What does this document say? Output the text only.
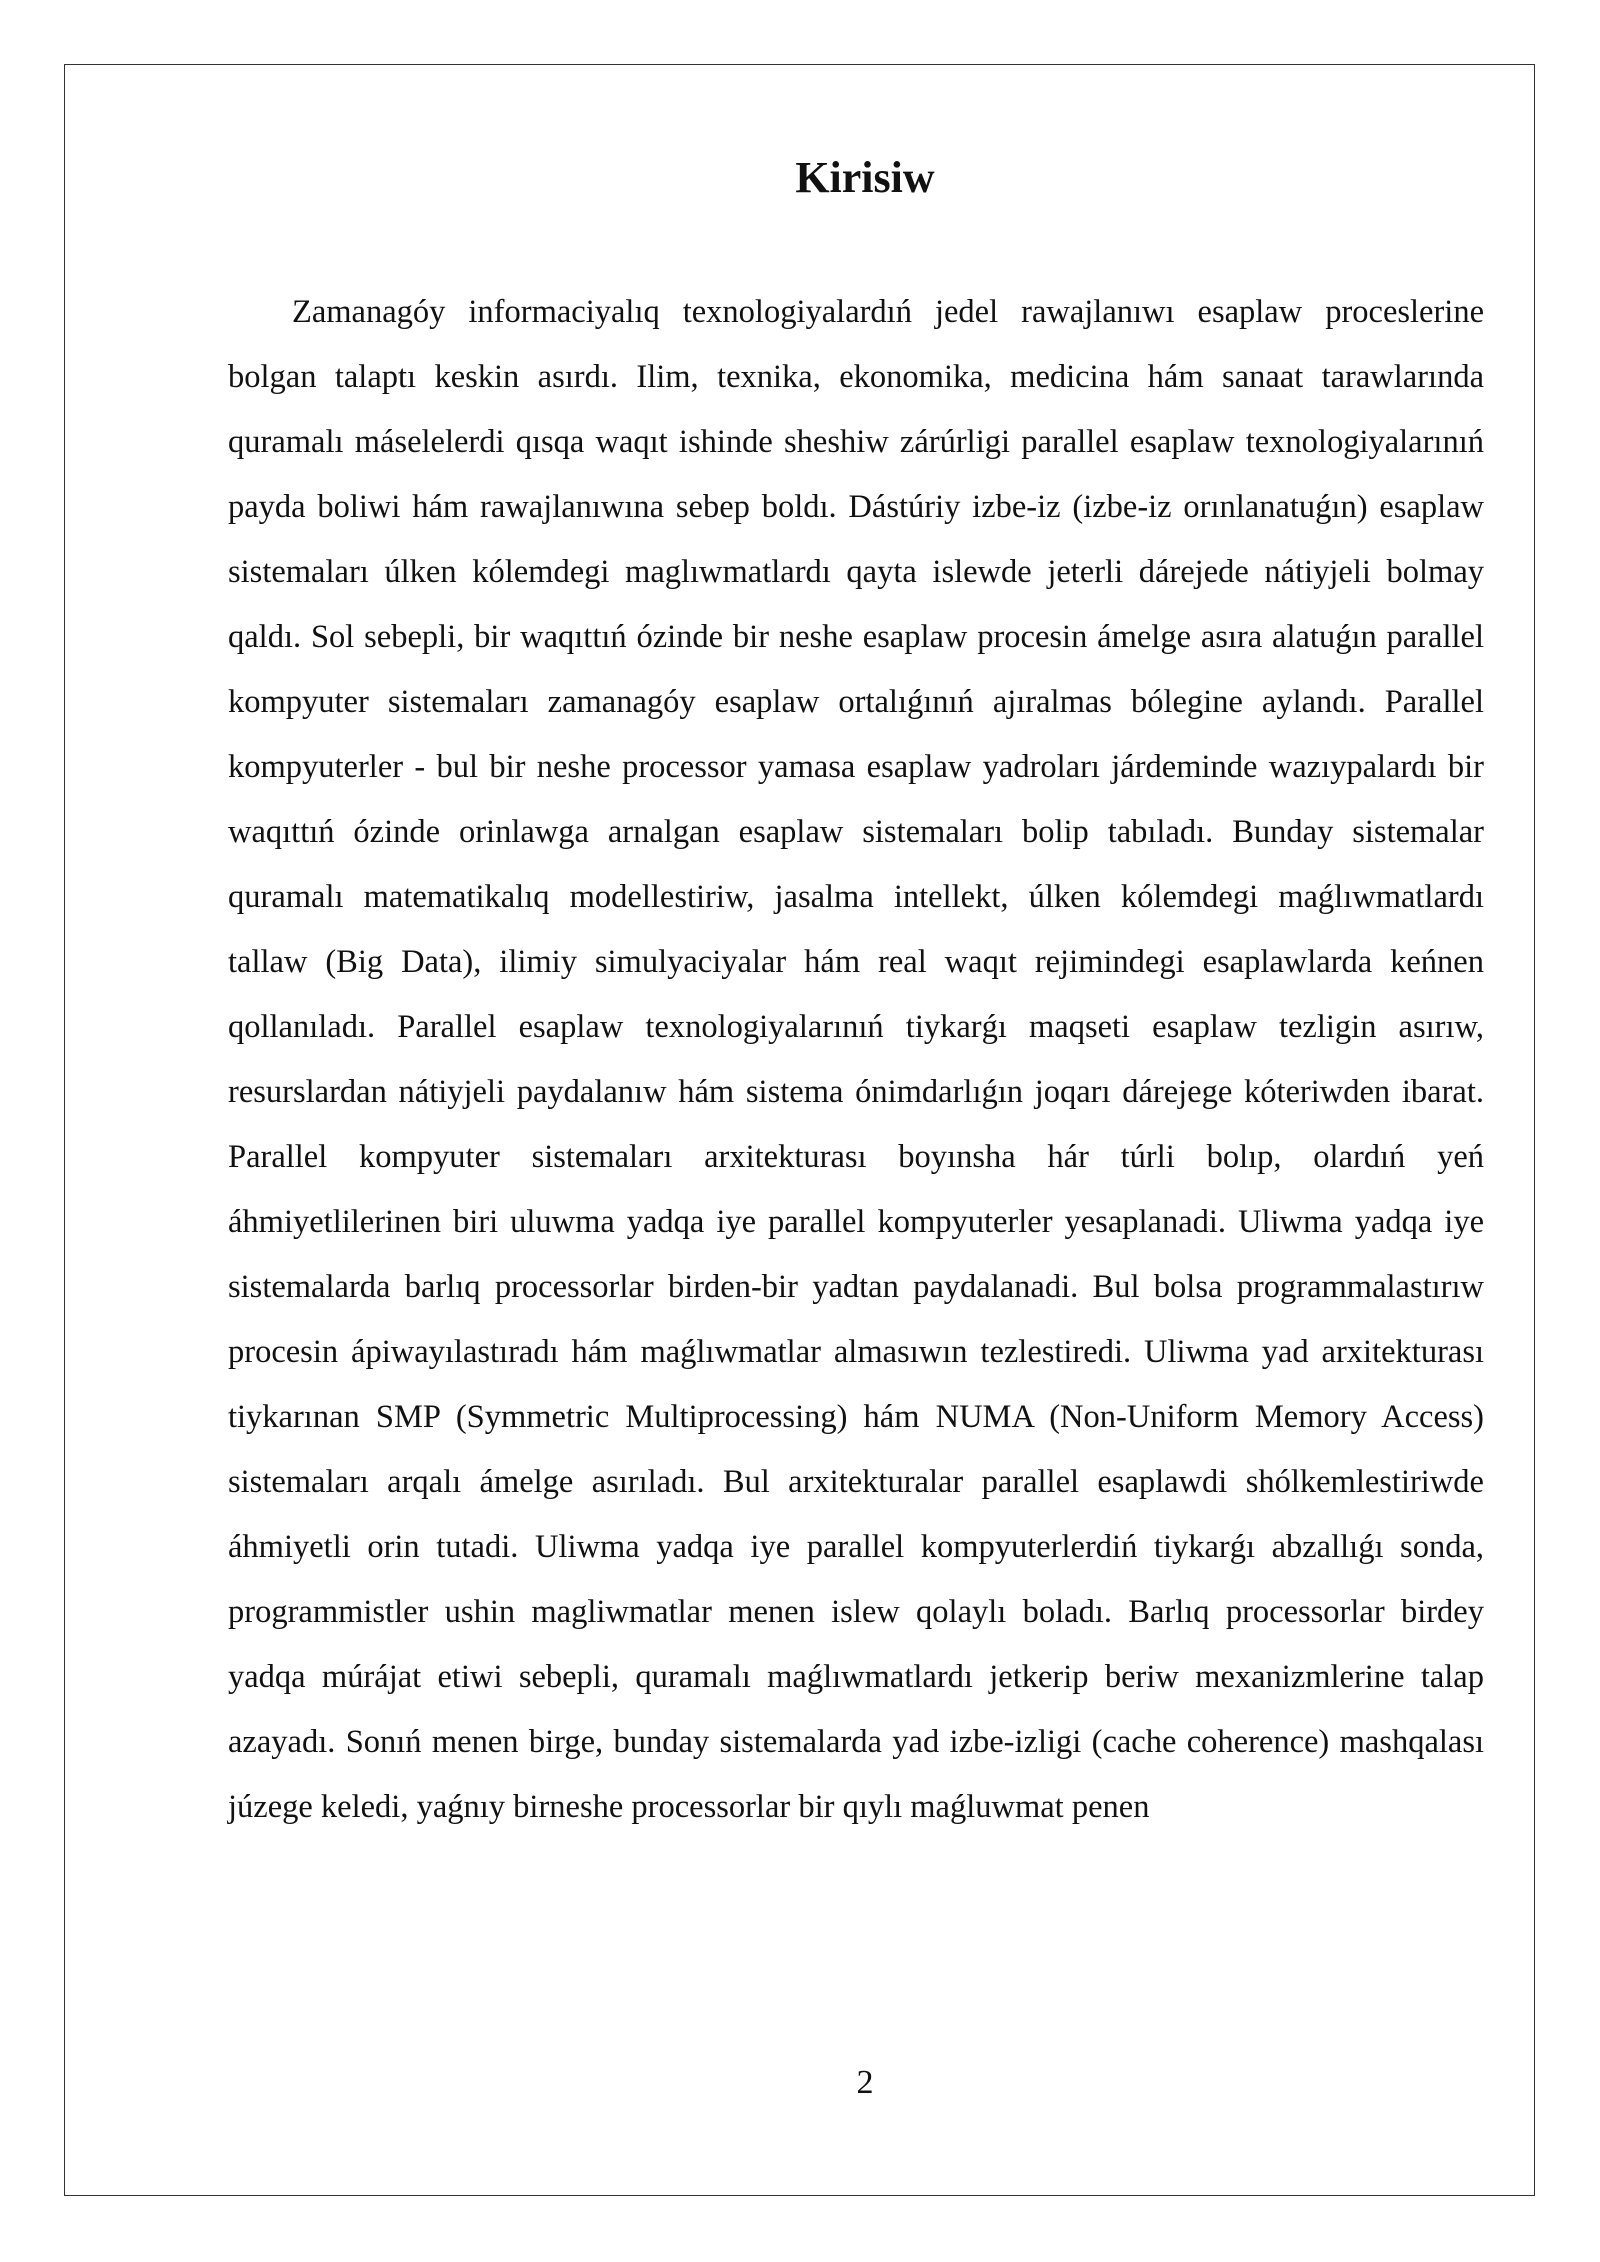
Kirisiw

Zamanagóy informaciyalıq texnologiyalardıń jedel rawajlanıwı esaplaw proceslerine bolgan talaptı keskin asırdı. Ilim, texnika, ekonomika, medicina hám sanaat tarawlarında quramalı máselelerdi qısqa waqıt ishinde sheshiw zárúrligi parallel esaplaw texnologiyalarınıń payda boliwi hám rawajlanıwına sebep boldı. Dástúriy izbe-iz (izbe-iz orınlanatuǵın) esaplaw sistemaları úlken kólemdegi maglıwmatlardı qayta islewde jeterli dárejede nátiyjeli bolmay qaldı. Sol sebepli, bir waqıttıń ózinde bir neshe esaplaw procesin ámelge asıra alatuǵın parallel kompyuter sistemaları zamanagóy esaplaw ortalıǵınıń ajıralmas bólegine aylandı. Parallel kompyuterler - bul bir neshe processor yamasa esaplaw yadroları járdeminde wazıypalardı bir waqıttıń ózinde orinlawga arnalgan esaplaw sistemaları bolip tabıladı. Bunday sistemalar quramalı matematikalıq modellestiriw, jasalma intellekt, úlken kólemdegi maǵlıwmatlardı tallaw (Big Data), ilimiy simulyaciyalar hám real waqıt rejimindegi esaplawlarda keńnen qollanıladı. Parallel esaplaw texnologiyalarınıń tiykarǵı maqseti esaplaw tezligin asırıw, resurslardan nátiyjeli paydalanıw hám sistema ónimdarlıǵın joqarı dárejege kóteriwden ibarat. Parallel kompyuter sistemaları arxitekturası boyınsha hár túrli bolıp, olardıń yeń áhmiyetlilerinen biri uluwma yadqa iye parallel kompyuterler yesaplanadi. Uliwma yadqa iye sistemalarda barlıq processorlar birden-bir yadtan paydalanadi. Bul bolsa programmalastırıw procesin ápiwayılastıradı hám maǵlıwmatlar almasıwın tezlestiredi. Uliwma yad arxitekturası tiykarınan SMP (Symmetric Multiprocessing) hám NUMA (Non-Uniform Memory Access) sistemaları arqalı ámelge asırıladı. Bul arxitekturalar parallel esaplawdi shólkemlestiriwde áhmiyetli orin tutadi. Uliwma yadqa iye parallel kompyuterlerdiń tiykarǵı abzallıǵı sonda, programmistler ushin magliwmatlar menen islew qolaylı boladı. Barlıq processorlar birdey yadqa múrájat etiwi sebepli, quramalı maǵlıwmatlardı jetkerip beriw mexanizmlerine talap azayadı. Sonıń menen birge, bunday sistemalarda yad izbe-izligi (cache coherence) mashqalası júzege keledi, yaǵnıy birneshe processorlar bir qıylı maǵluwmat penen

2
